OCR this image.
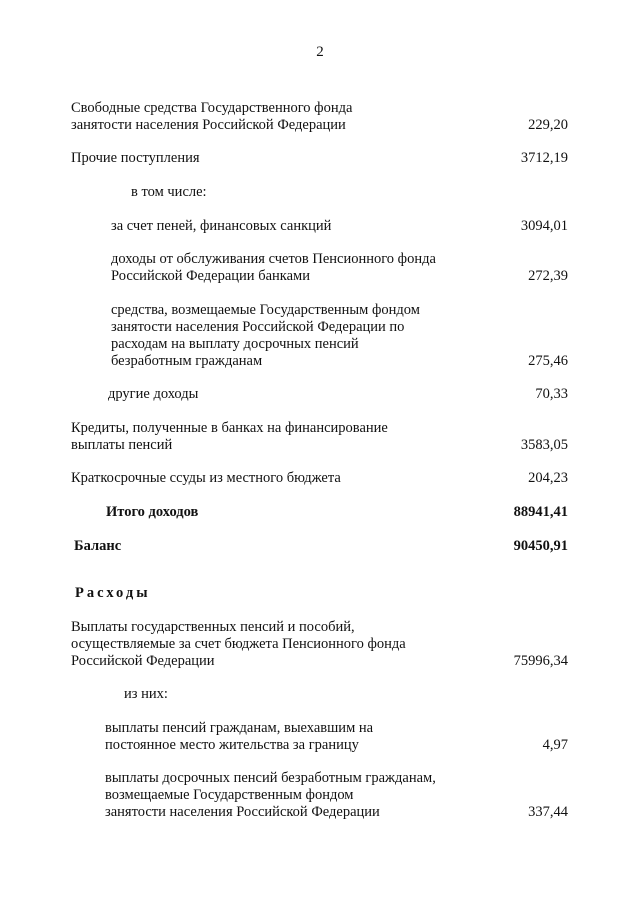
2
Свободные средства Государственного фонда
занятости населения Российской Федерации	229,20
Прочие поступления	3712,19
в том числе:
за счет пеней, финансовых санкций	3094,01
доходы от обслуживания счетов Пенсионного фонда
Российской Федерации банками	272,39
средства, возмещаемые Государственным фондом
занятости населения Российской Федерации по
расходам на выплату досрочных пенсий
безработным гражданам	275,46
другие доходы	70,33
Кредиты, полученные в банках на финансирование
выплаты пенсий	3583,05
Краткосрочные ссуды из местного бюджета	204,23
Итого доходов	88941,41
Баланс	90450,91
Расходы
Выплаты государственных пенсий и пособий,
осуществляемые за счет бюджета Пенсионного фонда
Российской Федерации	75996,34
из них:
выплаты пенсий гражданам, выехавшим на
постоянное место жительства за границу	4,97
выплаты досрочных пенсий безработным гражданам,
возмещаемые Государственным фондом
занятости населения Российской Федерации	337,44
